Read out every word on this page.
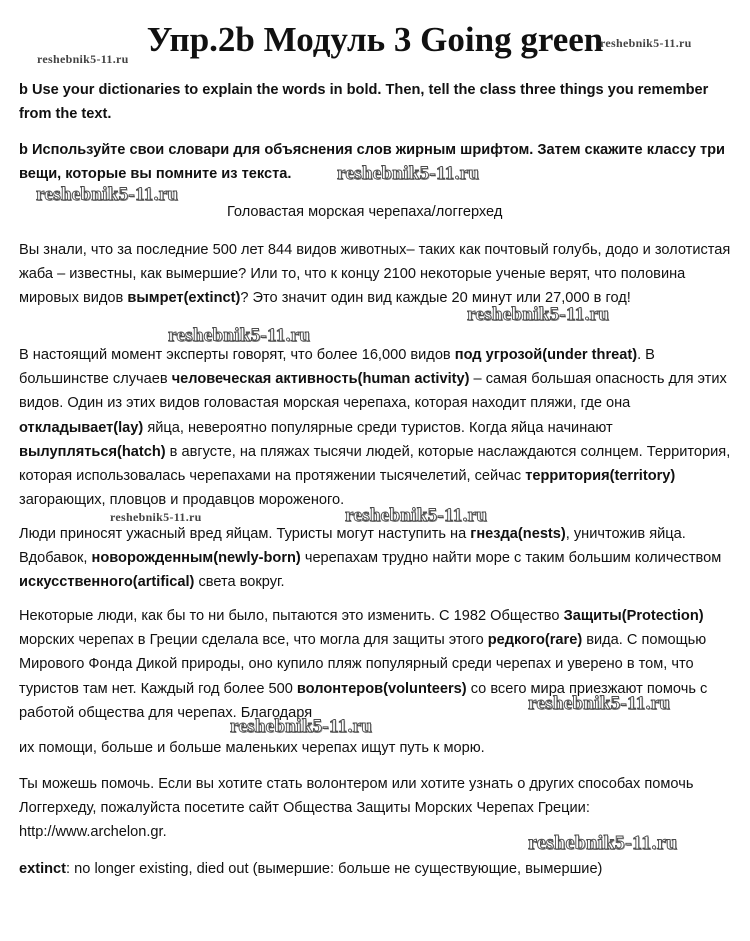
Упр.2b Модуль 3 Going green
b Use your dictionaries to explain the words in bold. Then, tell the class three things you remember from the text.
b Используйте свои словари для объяснения слов жирным шрифтом. Затем скажите классу три вещи, которые вы помните из текста.
Головастая морская черепаха/логгерхед
Вы знали, что за последние 500 лет 844 видов животных– таких как почтовый голубь, додо и золотистая жаба – известны, как вымершие? Или то, что к концу 2100 некоторые ученые верят, что половина мировых видов вымрет(extinct)? Это значит один вид каждые 20 минут или 27,000 в год!
В настоящий момент эксперты говорят, что более 16,000 видов под угрозой(under threat). В большинстве случаев человеческая активность(human activity) – самая большая опасность для этих видов. Один из этих видов головастая морская черепаха, которая находит пляжи, где она откладывает(lay) яйца, невероятно популярные среди туристов. Когда яйца начинают вылупляться(hatch) в августе, на пляжах тысячи людей, которые наслаждаются солнцем. Территория, которая использовалась черепахами на протяжении тысячелетий, сейчас территория(territory) загорающих, пловцов и продавцов мороженого.
Люди приносят ужасный вред яйцам. Туристы могут наступить на гнезда(nests), уничтожив яйца. Вдобавок, новорожденным(newly-born) черепахам трудно найти море с таким большим количеством искусственного(artifical) света вокруг.
Некоторые люди, как бы то ни было, пытаются это изменить. С 1982 Общество Защиты(Protection) морских черепах в Греции сделала все, что могла для защиты этого редкого(rare) вида. С помощью Мирового Фонда Дикой природы, оно купило пляж популярный среди черепах и уверено в том, что туристов там нет. Каждый год более 500 волонтеров(volunteers) со всего мира приезжают помочь с работой общества для черепах. Благодаря
их помощи, больше и больше маленьких черепах ищут путь к морю.
Ты можешь помочь. Если вы хотите стать волонтером или хотите узнать о других способах помочь Логгерхеду, пожалуйста посетите сайт Общества Защиты Морских Черепах Греции: http://www.archelon.gr.
extinct: no longer existing, died out (вымершие: больше не существующие, вымершие)
reshebnik5-11.ru
reshebnik5-11.ru
reshebnik5-11.ru
reshebnik5-11.ru
reshebnik5-11.ru
reshebnik5-11.ru
reshebnik5-11.ru	reshebnik5-11.ru
reshebnik5-11.ru
reshebnik5-11.ru
reshebnik5-11.ru
